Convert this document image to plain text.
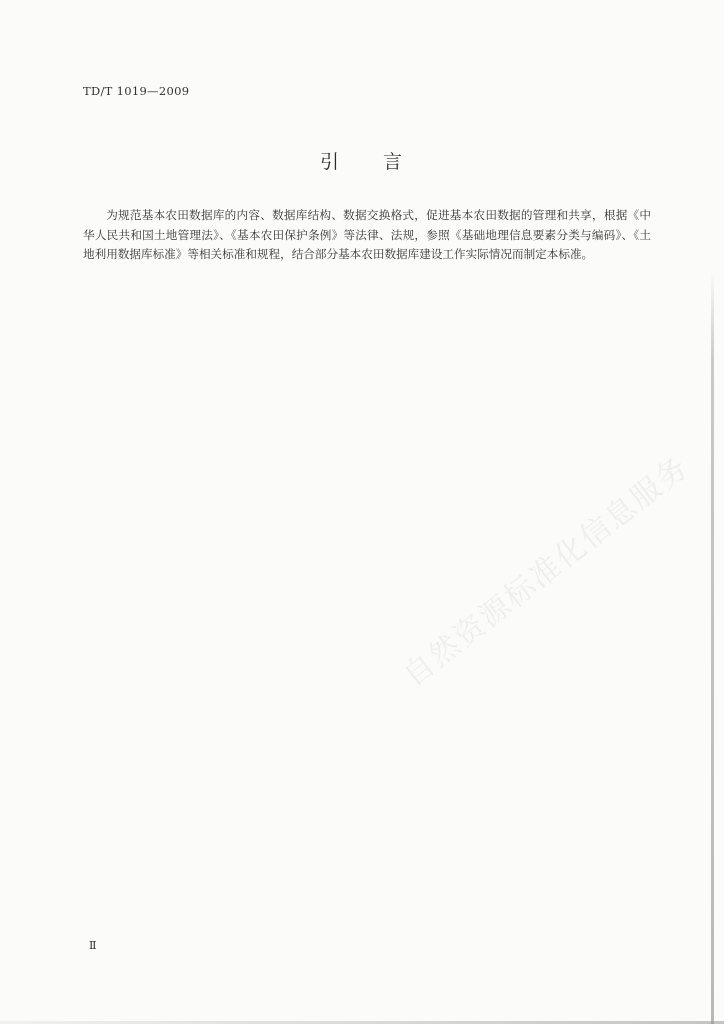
TD/T 1019—2009
引言

为规范基本农田数据库的内容、数据库结构、数据交换格式，促进基本农田数据的管理和共享，根据《中华人民共和国土地管理法》、《基本农田保护条例》等法律、法规，参照《基础地理信息要素分类与编码》、《土地利用数据库标准》等相关标准和规程，结合部分基本农田数据库建设工作实际情况而制定本标准。

Ⅱ
自然资源标准化信息服务
